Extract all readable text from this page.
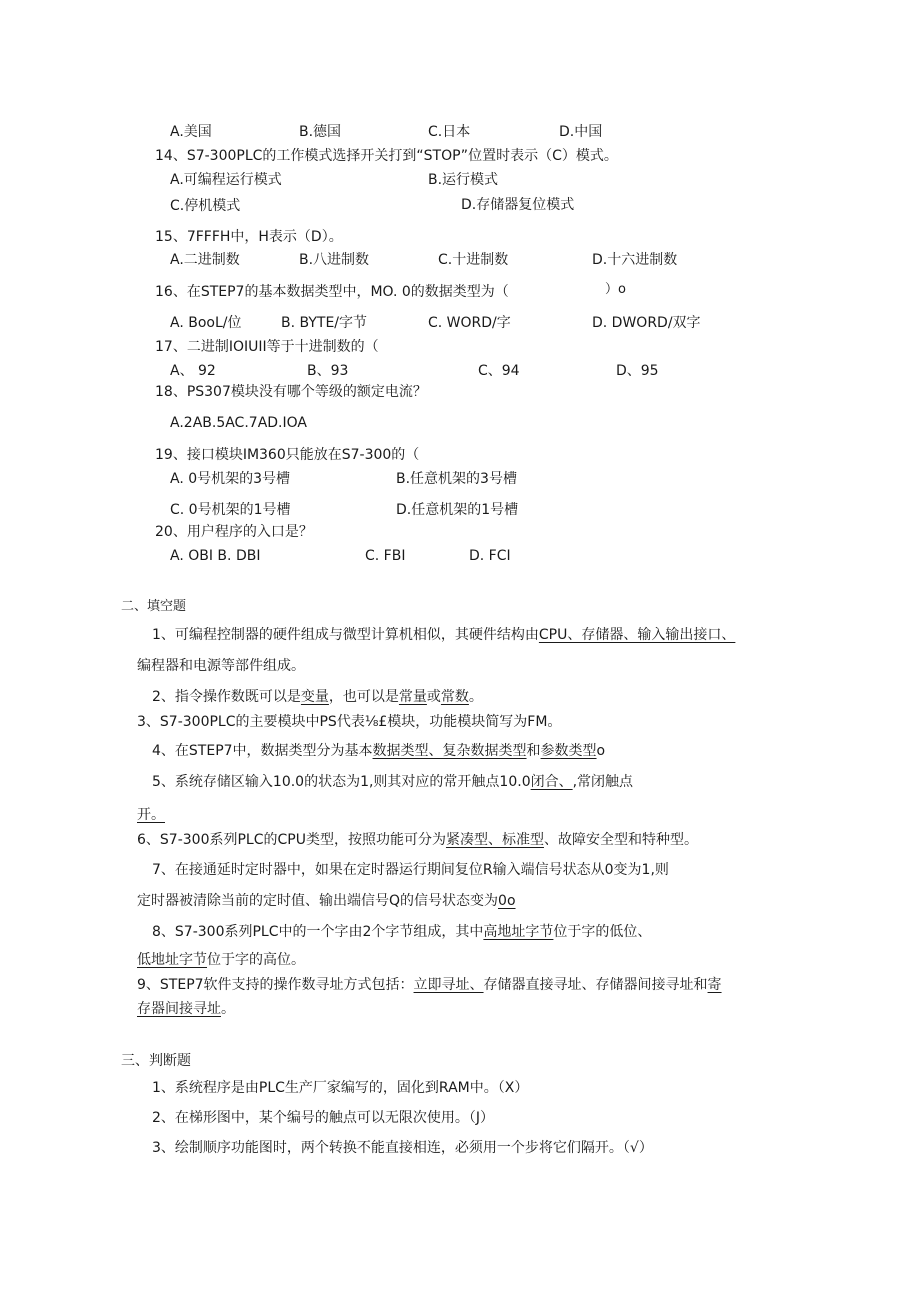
A.美国	B.德国	C.日本	D.中国
14、S7-300PLC的工作模式选择开关打到“STOP”位置时表示（C）模式。
A.可编程运行模式	B.运行模式
C.停机模式	D.存储器复位模式
15、7FFFH中，H表示（D）。
A.二进制数	B.八进制数	C.十进制数	D.十六进制数
16、在STEP7的基本数据类型中，MO. 0的数据类型为（	）o
A. BooL/位	B. BYTE/字节	C. WORD/字	D. DWORD/双字
17、二进制IOIUII等于十进制数的（
A、 92	B、93	C、94	D、95
18、PS307模块没有哪个等级的额定电流？
A.2AB.5AC.7AD.IOA
19、接口模块IM360只能放在S7-300的（
A. 0号机架的3号槽	B.任意机架的3号槽
C. 0号机架的1号槽	D.任意机架的1号槽
20、用户程序的入口是？
A. OBI B. DBI	C. FBI	D. FCI
二、填空题
1、可编程控制器的硬件组成与微型计算机相似，其硬件结构由CPU、存储器、输入输出接口、
编程器和电源等部件组成。
2、指令操作数既可以是变量，也可以是常量或常数。
3、S7-300PLC的主要模块中PS代表⅛£模块，功能模块简写为FM。
4、在STEP7中，数据类型分为基本数据类型、复杂数据类型和参数类型o
5、系统存储区输入10.0的状态为1,则其对应的常开触点10.0闭合、,常闭触点
开。
6、S7-300系列PLC的CPU类型，按照功能可分为紧凑型、标准型、故障安全型和特种型。
7、在接通延时定时器中，如果在定时器运行期间复位R输入端信号状态从0变为1,则
定时器被清除当前的定时值、输出端信号Q的信号状态变为0o
8、S7-300系列PLC中的一个字由2个字节组成，其中高地址字节位于字的低位、
低地址字节位于字的高位。
9、STEP7软件支持的操作数寻址方式包括：立即寻址、存储器直接寻址、存储器间接寻址和寄
存器间接寻址。
三、判断题
1、系统程序是由PLC生产厂家编写的，固化到RAM中。（X）
2、在梯形图中，某个编号的触点可以无限次使用。（J）
3、绘制顺序功能图时，两个转换不能直接相连，必须用一个步将它们隔开。（√）
